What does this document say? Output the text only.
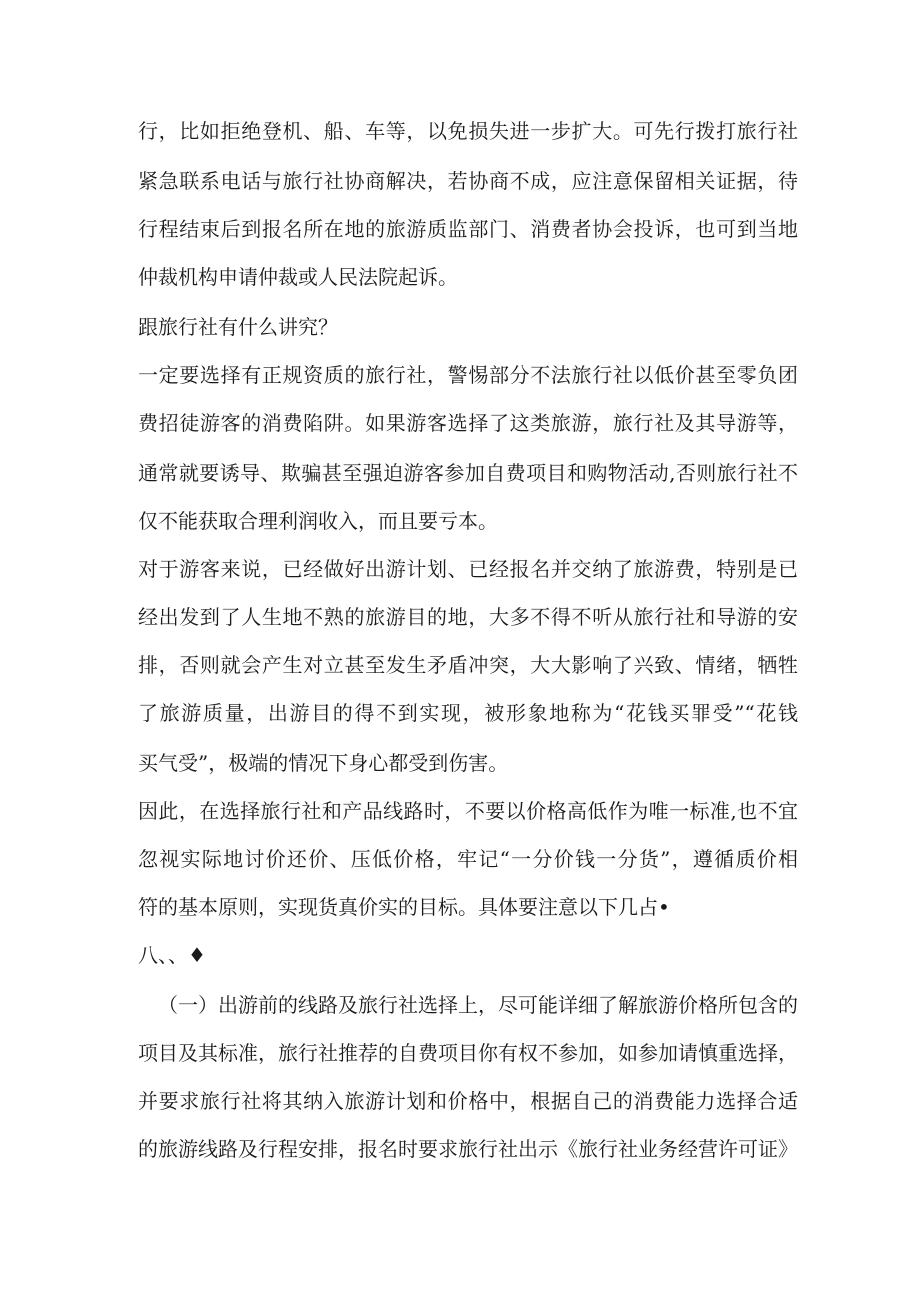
行，比如拒绝登机、船、车等，以免损失进一步扩大。可先行拨打旅行社

紧急联系电话与旅行社协商解决，若协商不成，应注意保留相关证据，待

行程结束后到报名所在地的旅游质监部门、消费者协会投诉，也可到当地

仲裁机构申请仲裁或人民法院起诉。

跟旅行社有什么讲究？

一定要选择有正规资质的旅行社，警惕部分不法旅行社以低价甚至零负团

费招徒游客的消费陷阱。如果游客选择了这类旅游，旅行社及其导游等，

通常就要诱导、欺骗甚至强迫游客参加自费项目和购物活动,否则旅行社不

仅不能获取合理利润收入，而且要亏本。

对于游客来说，已经做好出游计划、已经报名并交纳了旅游费，特别是已

经出发到了人生地不熟的旅游目的地，大多不得不听从旅行社和导游的安

排，否则就会产生对立甚至发生矛盾冲突，大大影响了兴致、情绪，牺牲

了旅游质量，出游目的得不到实现，被形象地称为“花钱买罪受”“花钱

买气受”，极端的情况下身心都受到伤害。

因此，在选择旅行社和产品线路时，不要以价格高低作为唯一标准,也不宜

忽视实际地讨价还价、压低价格，牢记“一分价钱一分货”，遵循质价相

符的基本原则，实现货真价实的目标。具体要注意以下几占•

八、、♦

（一）出游前的线路及旅行社选择上，尽可能详细了解旅游价格所包含的

项目及其标准，旅行社推荐的自费项目你有权不参加，如参加请慎重选择，

并要求旅行社将其纳入旅游计划和价格中，根据自己的消费能力选择合适

的旅游线路及行程安排，报名时要求旅行社出示《旅行社业务经营许可证》
